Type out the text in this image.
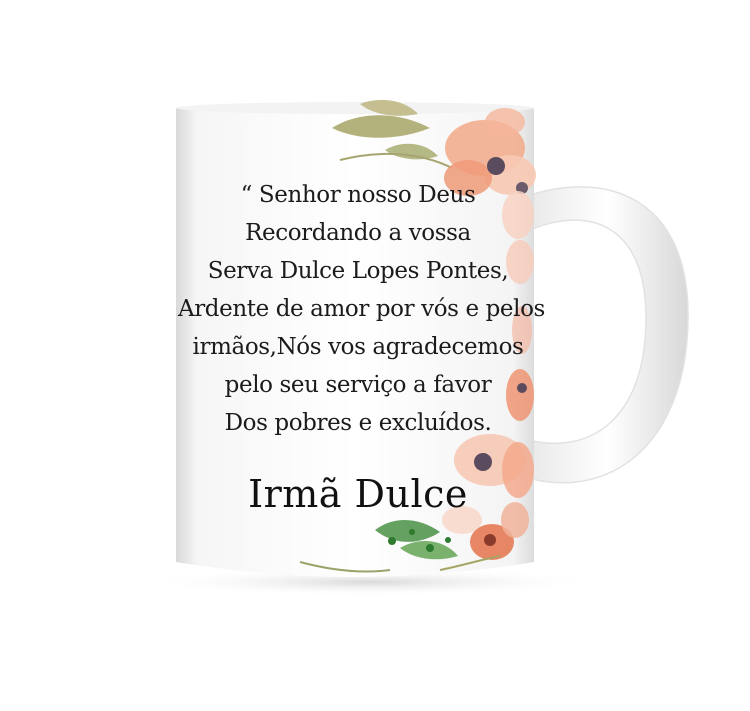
“ Senhor nosso Deus
Recordando a vossa
Serva Dulce Lopes Pontes,
Ardente de amor por vós e pelos
irmãos,Nós vos agradecemos
pelo seu serviço a favor
Dos pobres e excluídos.
Irmã Dulce
